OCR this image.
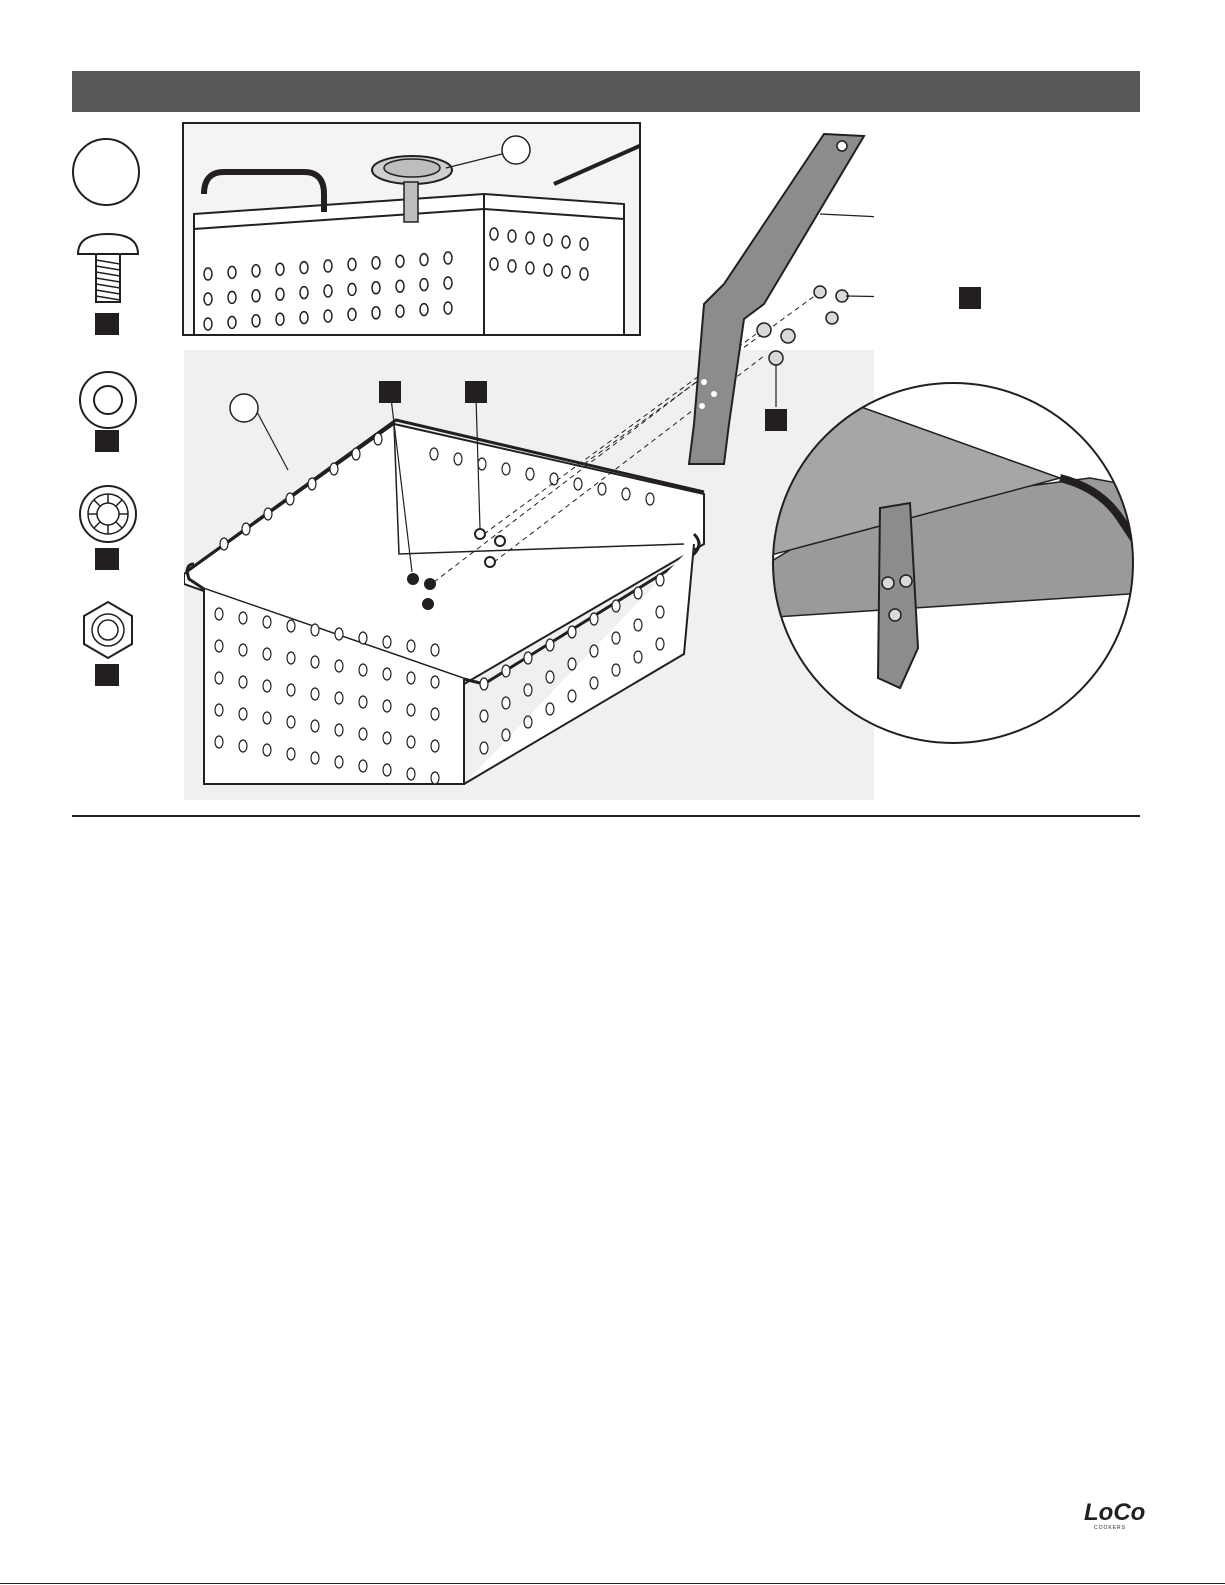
LoCo
COOKERS
